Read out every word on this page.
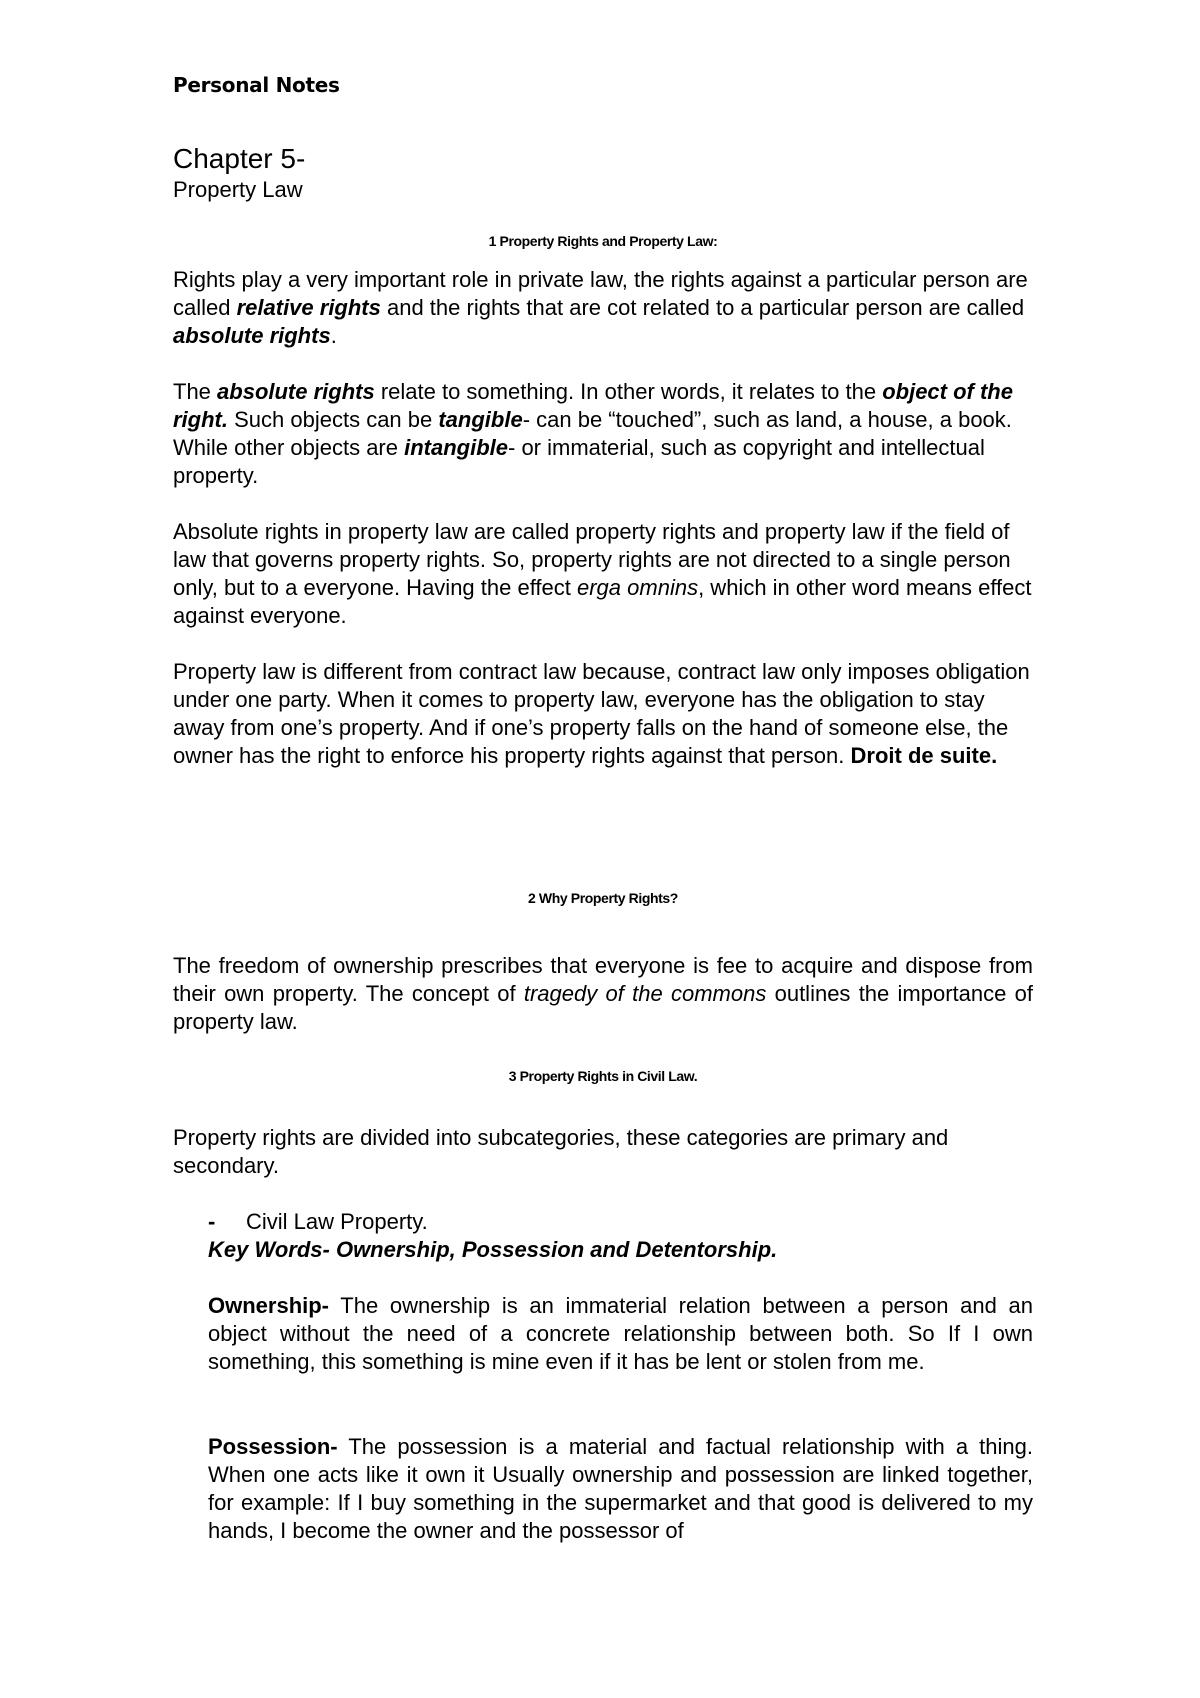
Personal Notes
Chapter 5-
Property Law
1 Property Rights and Property Law:

Rights play a very important role in private law, the rights against a particular person are called relative rights and the rights that are cot related to a particular person are called absolute rights.

The absolute rights relate to something. In other words, it relates to the object of the right. Such objects can be tangible- can be “touched”, such as land, a house, a book. While other objects are intangible- or immaterial, such as copyright and intellectual property.

Absolute rights in property law are called property rights and property law if the field of law that governs property rights. So, property rights are not directed to a single person only, but to a everyone. Having the effect erga omnins, which in other word means effect against everyone.

Property law is different from contract law because, contract law only imposes obligation under one party. When it comes to property law, everyone has the obligation to stay away from one’s property. And if one’s property falls on the hand of someone else, the owner has the right to enforce his property rights against that person. Droit de suite.

2 Why Property Rights?

The freedom of ownership prescribes that everyone is fee to acquire and dispose from their own property. The concept of tragedy of the commons outlines the importance of property law.

3 Property Rights in Civil Law.

Property rights are divided into subcategories, these categories are primary and secondary.

- Civil Law Property.

Key Words- Ownership, Possession and Detentorship.

Ownership- The ownership is an immaterial relation between a person and an object without the need of a concrete relationship between both. So If I own something, this something is mine even if it has be lent or stolen from me.

Possession- The possession is a material and factual relationship with a thing. When one acts like it own it Usually ownership and possession are linked together, for example: If I buy something in the supermarket and that good is delivered to my hands, I become the owner and the possessor of
